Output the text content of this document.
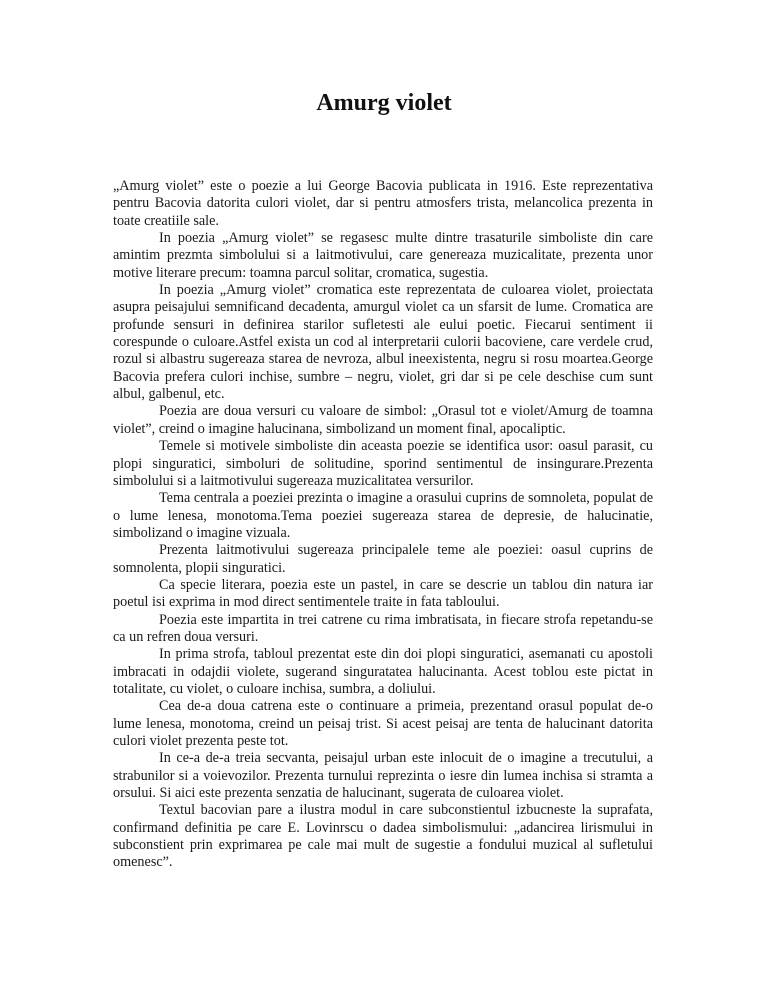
Amurg violet

„Amurg violet” este o poezie a lui George Bacovia publicata in 1916. Este reprezentativa pentru Bacovia datorita culori violet, dar si pentru atmosfers trista, melancolica prezenta in toate creatiile sale.

In poezia „Amurg violet” se regasesc multe dintre trasaturile simboliste din care amintim prezmta simbolului si a laitmotivului, care genereaza muzicalitate, prezenta unor motive literare precum: toamna parcul solitar, cromatica, sugestia.

In poezia „Amurg violet” cromatica este reprezentata de culoarea violet, proiectata asupra peisajului semnificand decadenta, amurgul violet ca un sfarsit de lume. Cromatica are profunde sensuri in definirea starilor sufletesti ale eului poetic. Fiecarui sentiment ii corespunde o culoare.Astfel exista un cod al interpretarii culorii bacoviene, care verdele crud, rozul si albastru sugereaza starea de nevroza, albul ineexistenta, negru si rosu moartea.George Bacovia prefera culori inchise, sumbre – negru, violet, gri dar si pe cele deschise cum sunt albul, galbenul, etc.

Poezia are doua versuri cu valoare de simbol: „Orasul tot e violet/Amurg de toamna violet”, creind o imagine halucinana, simbolizand un moment final, apocaliptic.

Temele si motivele simboliste din aceasta poezie se identifica usor: oasul parasit, cu plopi singuratici, simboluri de solitudine, sporind sentimentul de insingurare.Prezenta simbolului si a laitmotivului sugereaza muzicalitatea versurilor.

Tema centrala a poeziei prezinta o imagine a orasului cuprins de somnoleta, populat de o lume lenesa, monotoma.Tema poeziei sugereaza starea de depresie, de halucinatie, simbolizand o imagine vizuala.

Prezenta laitmotivului sugereaza principalele teme ale poeziei: oasul cuprins de somnolenta, plopii singuratici.

Ca specie literara, poezia este un pastel, in care se descrie un tablou din natura iar poetul isi exprima in mod direct sentimentele traite in fata tabloului.

Poezia este impartita in trei catrene cu rima imbratisata, in fiecare strofa repetandu-se ca un refren doua versuri.

In prima strofa, tabloul prezentat este din doi plopi singuratici, asemanati cu apostoli imbracati in odajdii violete, sugerand singuratatea halucinanta. Acest toblou este pictat in totalitate, cu violet, o culoare inchisa, sumbra, a doliului.

Cea de-a doua catrena este o continuare a primeia, prezentand orasul populat de-o lume lenesa, monotoma, creind un peisaj trist. Si acest peisaj are tenta de halucinant datorita culori violet prezenta peste tot.

In ce-a de-a treia secvanta, peisajul urban este inlocuit de o imagine a trecutului, a strabunilor si a voievozilor. Prezenta turnului reprezinta o iesre din lumea inchisa si stramta a orsului. Si aici este prezenta senzatia de halucinant, sugerata de culoarea violet.

Textul bacovian pare a ilustra modul in care subconstientul izbucneste la suprafata, confirmand definitia pe care E. Lovinrscu o dadea simbolismului: „adancirea lirismului in subconstient prin exprimarea pe cale mai mult de sugestie a fondului muzical al sufletului omenesc”.
